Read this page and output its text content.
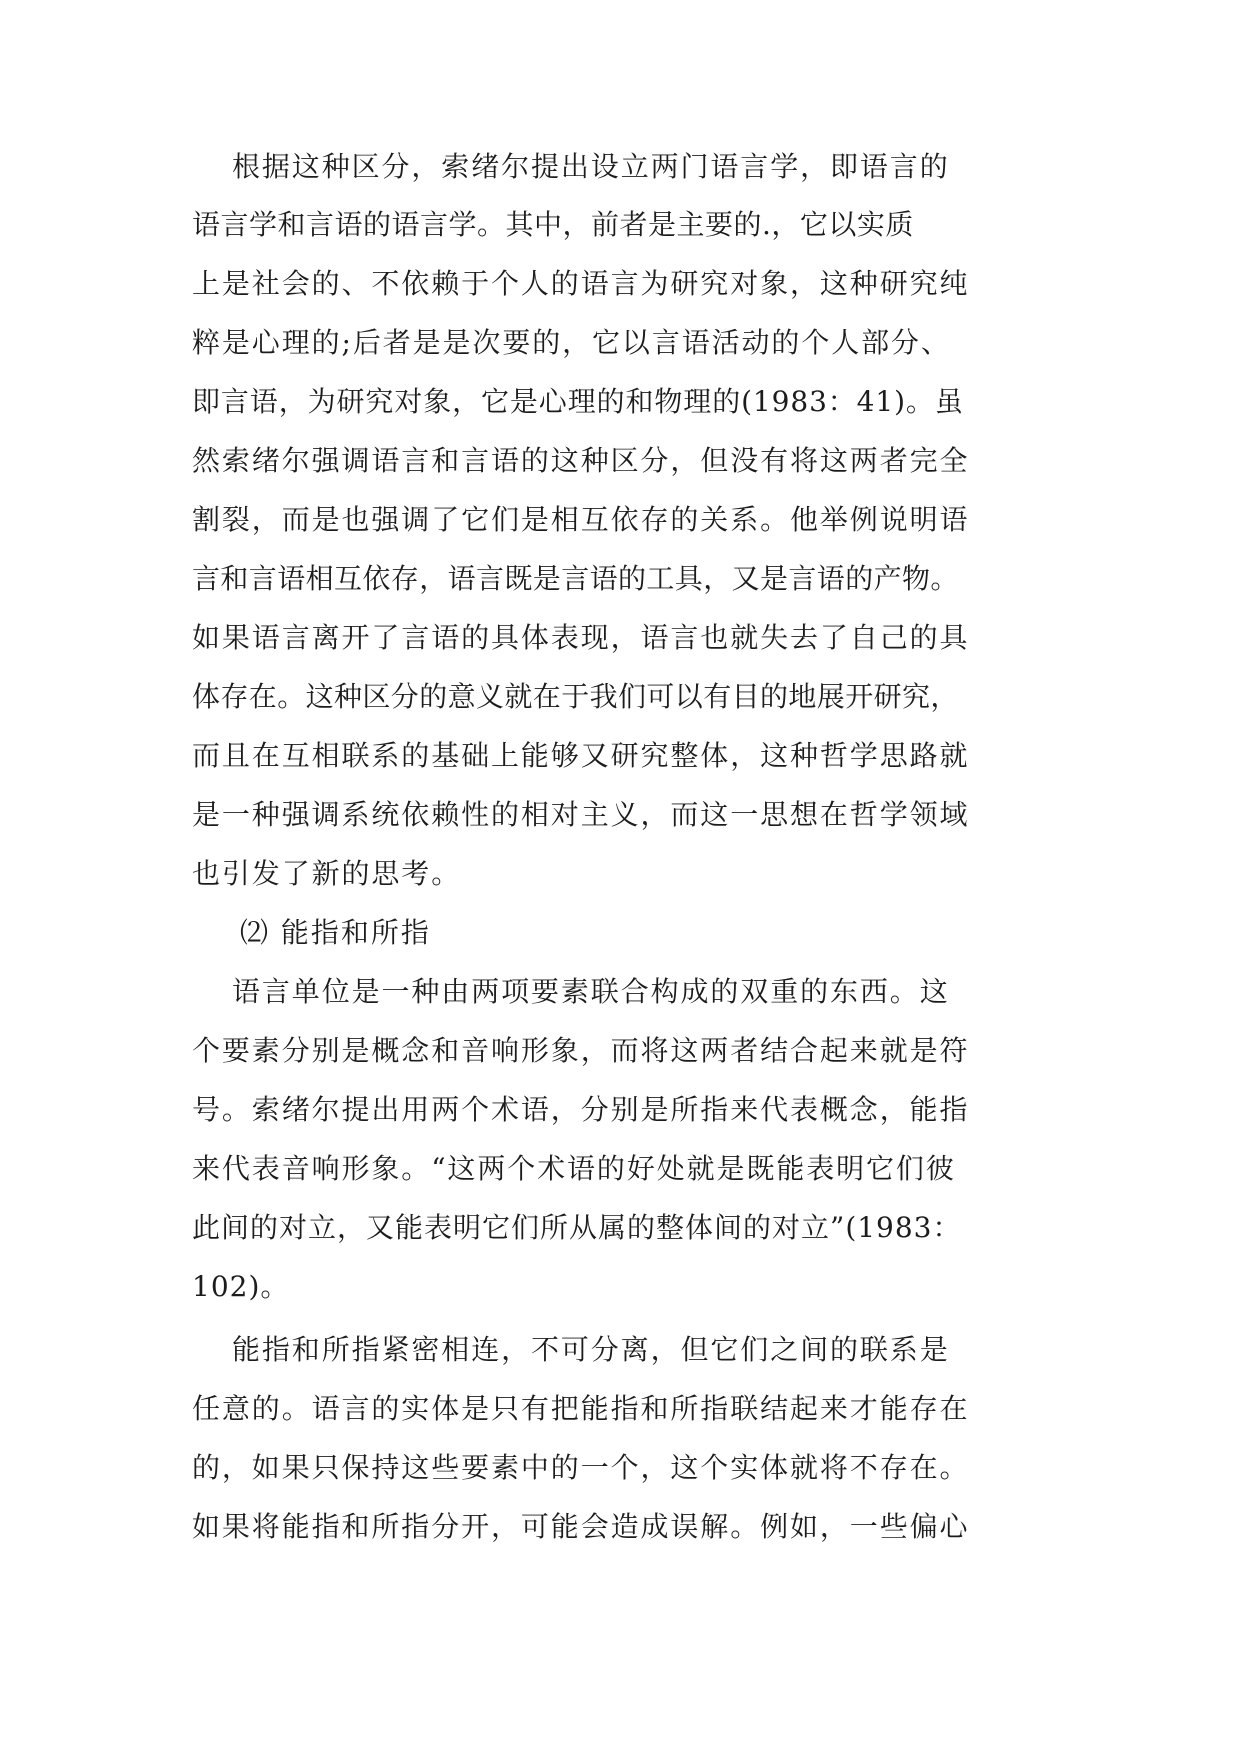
根据这种区分，索绪尔提出设立两门语言学，即语言的
语言学和言语的语言学。其中，前者是主要的.，它以实质
上是社会的、不依赖于个人的语言为研究对象，这种研究纯
粹是心理的;后者是是次要的，它以言语活动的个人部分、
即言语，为研究对象，它是心理的和物理的(1983：41)。虽
然索绪尔强调语言和言语的这种区分，但没有将这两者完全
割裂，而是也强调了它们是相互依存的关系。他举例说明语
言和言语相互依存，语言既是言语的工具，又是言语的产物。
如果语言离开了言语的具体表现，语言也就失去了自己的具
体存在。这种区分的意义就在于我们可以有目的地展开研究，
而且在互相联系的基础上能够又研究整体，这种哲学思路就
是一种强调系统依赖性的相对主义，而这一思想在哲学领域
也引发了新的思考。
⑵ 能指和所指
语言单位是一种由两项要素联合构成的双重的东西。这
个要素分别是概念和音响形象，而将这两者结合起来就是符
号。索绪尔提出用两个术语，分别是所指来代表概念，能指
来代表音响形象。“这两个术语的好处就是既能表明它们彼
此间的对立，又能表明它们所从属的整体间的对立”(1983：
102)。
能指和所指紧密相连，不可分离，但它们之间的联系是
任意的。语言的实体是只有把能指和所指联结起来才能存在
的，如果只保持这些要素中的一个，这个实体就将不存在。
如果将能指和所指分开，可能会造成误解。例如，一些偏心
